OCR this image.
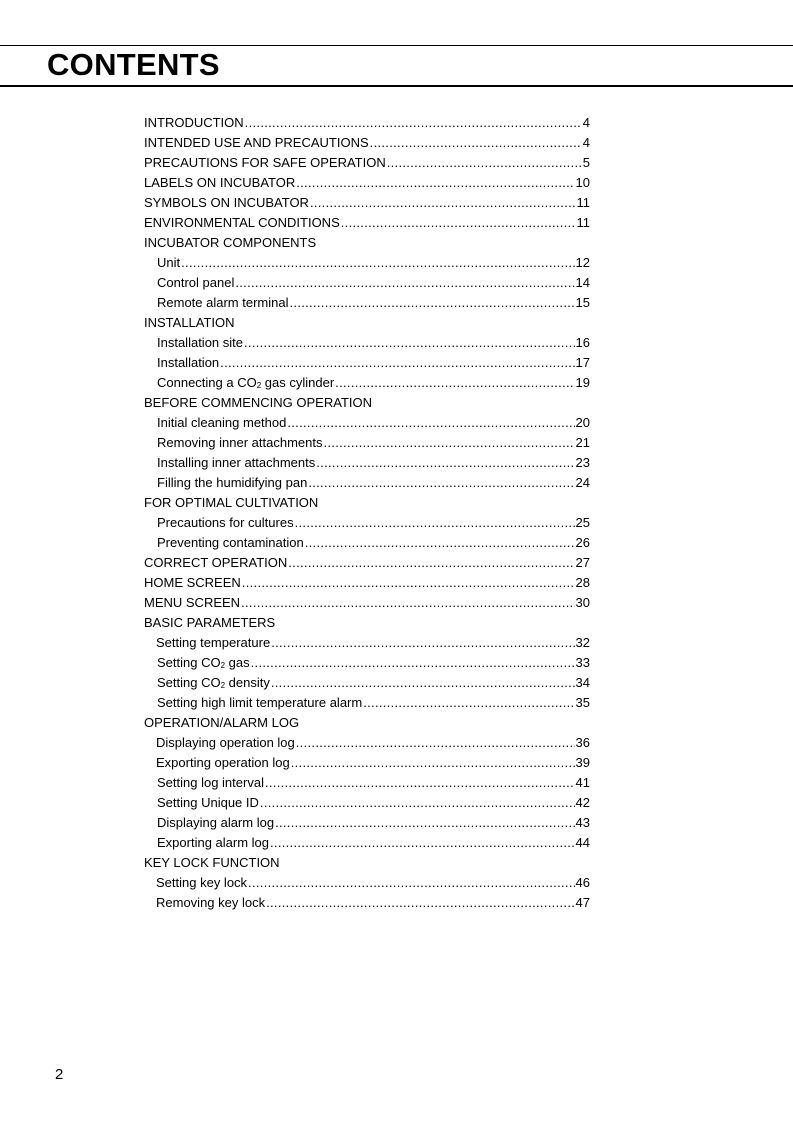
CONTENTS
INTRODUCTION .....	4
INTENDED USE AND PRECAUTIONS .....	4
PRECAUTIONS FOR SAFE OPERATION .....	5
LABELS ON INCUBATOR .....	10
SYMBOLS ON INCUBATOR .....	11
ENVIRONMENTAL CONDITIONS .....	11
INCUBATOR COMPONENTS
Unit .....	12
Control panel .....	14
Remote alarm terminal .....	15
INSTALLATION
Installation site .....	16
Installation .....	17
Connecting a $CO_2$ gas cylinder .....	19
BEFORE COMMENCING OPERATION
Initial cleaning method .....	20
Removing inner attachments .....	21
Installing inner attachments .....	23
Filling the humidifying pan .....	24
FOR OPTIMAL CULTIVATION
Precautions for cultures .....	25
Preventing contamination .....	26
CORRECT OPERATION .....	27
HOME SCREEN .....	28
MENU SCREEN .....	30
BASIC PARAMETERS
Setting temperature .....	32
Setting $CO_2$ gas .....	33
Setting $CO_2$ density .....	34
Setting high limit temperature alarm .....	35
OPERATION/ALARM LOG
Displaying operation log .....	36
Exporting operation log .....	39
Setting log interval .....	41
Setting Unique ID .....	42
Displaying alarm log .....	43
Exporting alarm log .....	44
KEY LOCK FUNCTION
Setting key lock .....	46
Removing key lock .....	47
2
